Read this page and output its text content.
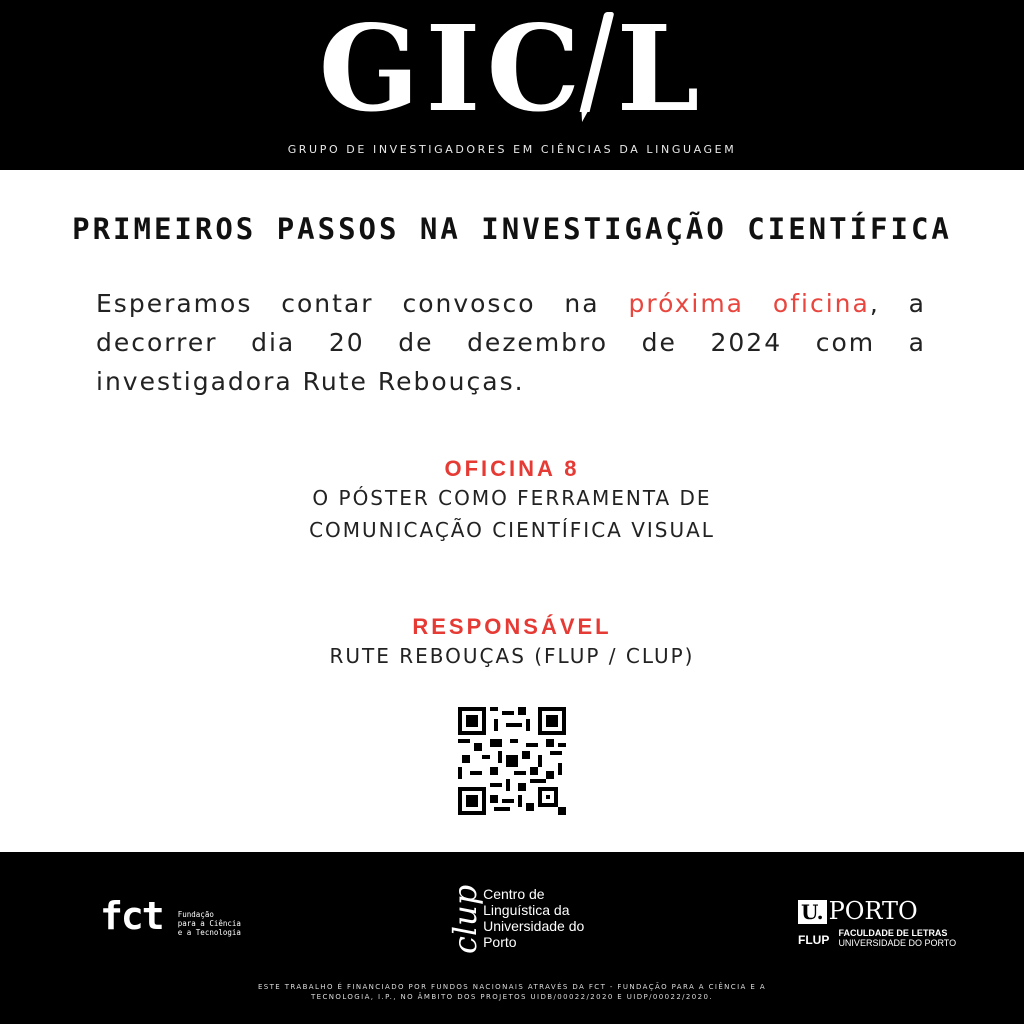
GIC L
GRUPO DE INVESTIGADORES EM CIÊNCIAS DA LINGUAGEM
PRIMEIROS PASSOS NA INVESTIGAÇÃO CIENTÍFICA
Esperamos contar convosco na próxima oficina, a decorrer dia 20 de dezembro de 2024 com a investigadora Rute Rebouças.
OFICINA 8
O PÓSTER COMO FERRAMENTA DE
COMUNICAÇÃO CIENTÍFICA VISUAL
RESPONSÁVEL
RUTE REBOUÇAS (FLUP / CLUP)
fct Fundação
para a Ciência
e a Tecnologia	clup Centro de
Linguística da
Universidade do
Porto
U. PORTO
FLUP FACULDADE DE LETRAS
UNIVERSIDADE DO PORTO
ESTE TRABALHO É FINANCIADO POR FUNDOS NACIONAIS ATRAVÉS DA FCT - FUNDAÇÃO PARA A CIÊNCIA E A
TECNOLOGIA, I.P., NO ÂMBITO DOS PROJETOS UIDB/00022/2020 E UIDP/00022/2020.
